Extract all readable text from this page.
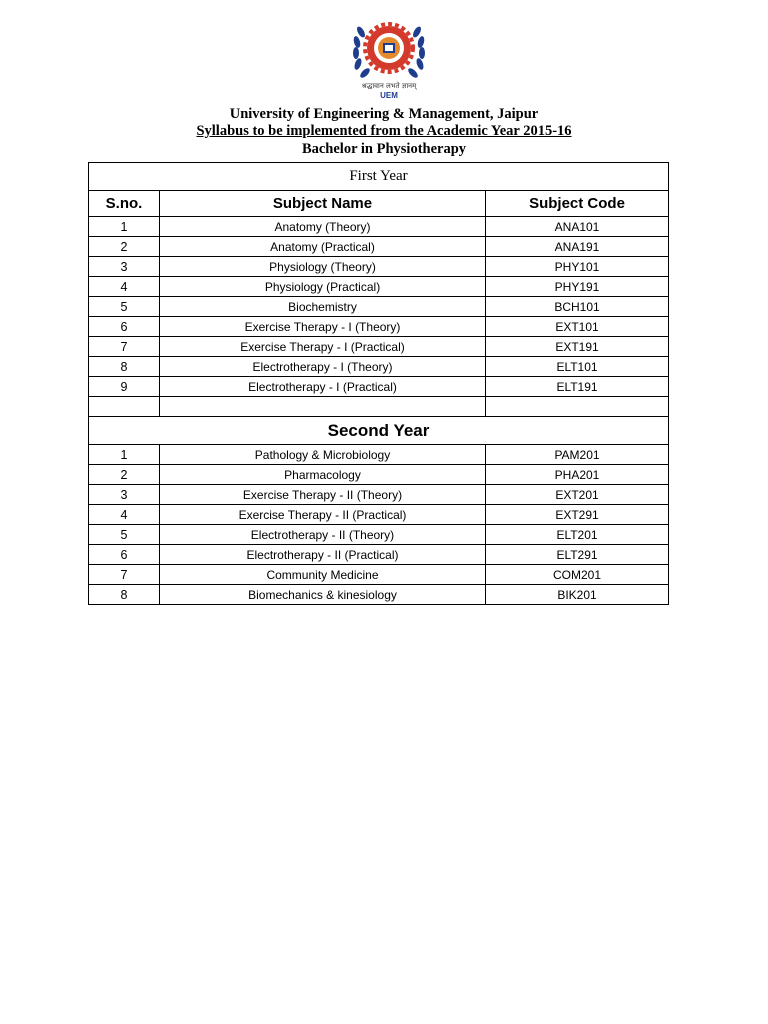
श्रद्धावान लभते ज्ञानम्
UEM
University of Engineering & Management, Jaipur
Syllabus to be implemented from the Academic Year 2015-16
Bachelor in Physiotherapy
First Year		
S.no.	Subject Name	Subject Code
1	Anatomy (Theory)	ANA101
2	Anatomy (Practical)	ANA191
3	Physiology (Theory)	PHY101
4	Physiology (Practical)	PHY191
5	Biochemistry	BCH101
6	Exercise Therapy - I (Theory)	EXT101
7	Exercise Therapy - I (Practical)	EXT191
8	Electrotherapy - I (Theory)	ELT101
9	Electrotherapy - I (Practical)	ELT191

Second Year		
1	Pathology & Microbiology	PAM201
2	Pharmacology	PHA201
3	Exercise Therapy - II (Theory)	EXT201
4	Exercise Therapy - II (Practical)	EXT291
5	Electrotherapy - II (Theory)	ELT201
6	Electrotherapy - II (Practical)	ELT291
7	Community Medicine	COM201
8	Biomechanics & kinesiology	BIK201
